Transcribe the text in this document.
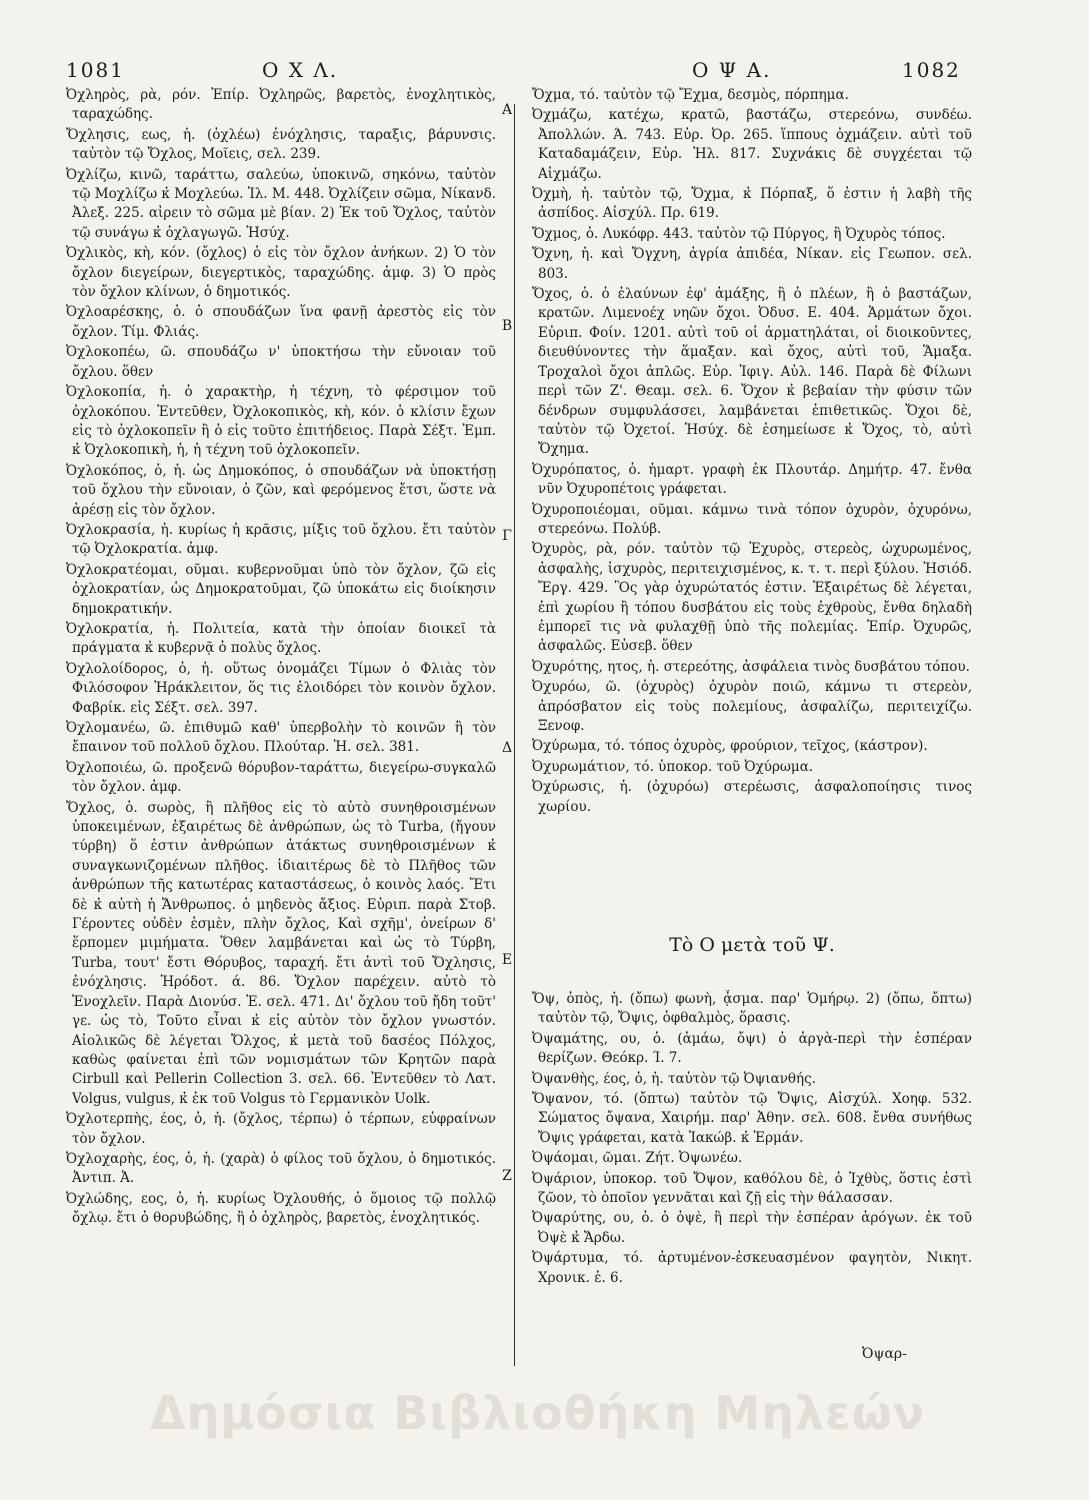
1081	Ο Χ Λ.	Ο Ψ Α.	1082

Ὀχληρὸς, ρὰ, ρόν. Ἐπίρ. Ὀχληρῶς, βαρετὸς, ἐνοχλητικὸς, ταραχώδης.

Ὄχλησις, εως, ἡ. (ὀχλέω) ἐνόχλησις, ταραξις, βάρυνσις. ταὐτὸν τῷ Ὄχλος, Μοῖεις, σελ. 239.

Ὀχλίζω, κινῶ, ταράττω, σαλεύω, ὑποκινῶ, σηκόνω, ταὐτὸν τῷ Μοχλίζω κ̓ Μοχλεύω. Ἰλ. Μ. 448. Ὀχλίζειν σῶμα, Νίκανδ. Ἀλεξ. 225. αἰρειν τὸ σῶμα μὲ βίαν. 2) Ἐκ τοῦ Ὄχλος, ταὐτὸν τῷ συνάγω κ̓ ὀχλαγωγῶ. Ἡσύχ.

Ὀχλικὸς, κὴ, κόν. (ὄχλος) ὁ εἰς τὸν ὄχλον ἀνήκων. 2) Ὁ τὸν ὄχλον διεγείρων, διεγερτικὸς, ταραχώδης. ἀμφ. 3) Ὁ πρὸς τὸν ὄχλον κλίνων, ὁ δημοτικός.

Ὀχλοαρέσκης, ὁ. ὁ σπουδάζων ἵνα φανῇ ἀρεστὸς εἰς τὸν ὄχλον. Τίμ. Φλιάς.

Ὀχλοκοπέω, ῶ. σπουδάζω ν' ὑποκτήσω τὴν εὔνοιαν τοῦ ὄχλου. ὅθεν

Ὀχλοκοπία, ἡ. ὁ χαρακτὴρ, ἡ τέχνη, τὸ φέρσιμον τοῦ ὀχλοκόπου. Ἐντεῦθεν, Ὀχλοκοπικὸς, κὴ, κόν. ὁ κλίσιν ἔχων εἰς τὸ ὀχλοκοπεῖν ἢ ὁ εἰς τοῦτο ἐπιτήδειος. Παρὰ Σέξτ. Ἐμπ. κ̓ Ὀχλοκοπικὴ, ἡ, ἡ τέχνη τοῦ ὀχλοκοπεῖν.

Ὀχλοκόπος, ὁ, ἡ. ὡς Δημοκόπος, ὁ σπουδάζων νὰ ὑποκτήσῃ τοῦ ὄχλου τὴν εὔνοιαν, ὁ ζῶν, καὶ φερόμενος ἔτσι, ὥστε νὰ ἀρέσῃ εἰς τὸν ὄχλον.

Ὀχλοκρασία, ἡ. κυρίως ἡ κρᾶσις, μίξις τοῦ ὄχλου. ἔτι ταὐτὸν τῷ Ὀχλοκρατία. ἀμφ.

Ὀχλοκρατέομαι, οῦμαι. κυβερνοῦμαι ὑπὸ τὸν ὄχλον, ζῶ εἰς ὀχλοκρατίαν, ὡς Δημοκρατοῦμαι, ζῶ ὑποκάτω εἰς διοίκησιν δημοκρατικήν.

Ὀχλοκρατία, ἡ. Πολιτεία, κατὰ τὴν ὁποίαν διοικεῖ τὰ πράγματα κ̓ κυβερνᾷ ὁ πολὺς ὄχλος.

Ὀχλολοίδορος, ὁ, ἡ. οὕτως ὀνομάζει Τίμων ὁ Φλιὰς τὸν Φιλόσοφον Ἡράκλειτον, ὅς τις ἐλοιδόρει τὸν κοινὸν ὄχλον. Φαβρίκ. εἰς Σέξτ. σελ. 397.

Ὀχλομανέω, ῶ. ἐπιθυμῶ καθ' ὑπερβολὴν τὸ κοινῶν ἢ τὸν ἔπαινον τοῦ πολλοῦ ὄχλου. Πλούταρ. Ἡ. σελ. 381.

Ὀχλοποιέω, ῶ. προξενῶ θόρυβον-ταράττω, διεγείρω-συγκαλῶ τὸν ὄχλον. ἀμφ.

Ὄχλος, ὁ. σωρὸς, ἢ πλῆθος εἰς τὸ αὐτὸ συνηθροισμένων ὑποκειμένων, ἐξαιρέτως δὲ ἀνθρώπων, ὡς τὸ Turba, (ἤγουν τύρβη) ὅ ἐστιν ἀνθρώπων ἀτάκτως συνηθροισμένων κ̓ συναγκωνιζομένων πλῆθος. ἰδιαιτέρως δὲ τὸ Πλῆθος τῶν ἀνθρώπων τῆς κατωτέρας καταστάσεως, ὁ κοινὸς λαός. Ἔτι δὲ κ̓ αὐτὴ ἡ Ἄνθρωπος. ὁ μηδενὸς ἄξιος. Εὐριπ. παρὰ Στοβ. Γέροντες οὐδὲν ἐσμὲν, πλὴν ὄχλος, Καὶ σχῆμ', ὀνείρων δ' ἕρπομεν μιμήματα. Ὅθεν λαμβάνεται καὶ ὡς τὸ Τύρβη, Turba, τουτ' ἔστι Θόρυβος, ταραχή. ἔτι ἀντὶ τοῦ Ὄχλησις, ἐνόχλησις. Ἡρόδοτ. ά. 86. Ὄχλον παρέχειν. αὐτὸ τὸ Ἐνοχλεῖν. Παρὰ Διονύσ. Ἐ. σελ. 471. Δι' ὄχλου τοῦ ἤδη τοῦτ' γε. ὡς τὸ, Τοῦτο εἶναι κ̓ εἰς αὐτὸν τὸν ὄχλον γνωστόν. Αἰολικῶς δὲ λέγεται Ὄλχος, κ̓ μετὰ τοῦ δασέος Πόλχος, καθὼς φαίνεται ἐπὶ τῶν νομισμάτων τῶν Κρητῶν παρὰ Cirbull καὶ Pellerin Collection 3. σελ. 66. Ἐντεῦθεν τὸ Λατ. Volgus, vulgus, κ̓ ἐκ τοῦ Volgus τὸ Γερμανικὸν Uolk.

Ὀχλοτερπὴς, έος, ὁ, ἡ. (ὄχλος, τέρπω) ὁ τέρπων, εὐφραίνων τὸν ὄχλον.

Ὀχλοχαρὴς, έος, ὁ, ἡ. (χαρὰ) ὁ φίλος τοῦ ὄχλου, ὁ δημοτικός. Ἀντιπ. Ἀ.

Ὀχλώδης, εος, ὁ, ἡ. κυρίως Ὀχλουθής, ὁ ὅμοιος τῷ πολλῷ ὄχλῳ. ἔτι ὁ θορυβώδης, ἢ ὁ ὀχληρὸς, βαρετὸς, ἐνοχλητικός.

Α
Β
Γ
Δ
Ε
Ζ

Ὄχμα, τό. ταὐτὸν τῷ Ἔχμα, δεσμὸς, πόρπημα.

Ὀχμάζω, κατέχω, κρατῶ, βαστάζω, στερεόνω, συνδέω. Ἀπολλών. Ά. 743. Εὐρ. Ὀρ. 265. ἵππους ὀχμάζειν. αὐτὶ τοῦ Καταδαμάζειν, Εὐρ. Ἠλ. 817. Συχνάκις δὲ συγχέεται τῷ Αἰχμάζω.

Ὀχμὴ, ἡ. ταὐτὸν τῷ, Ὄχμα, κ̓ Πόρπαξ, ὅ ἐστιν ἡ λαβὴ τῆς ἀσπίδος. Αἰσχύλ. Πρ. 619.

Ὄχμος, ὁ. Λυκόφρ. 443. ταὐτὸν τῷ Πύργος, ἢ Ὀχυρὸς τόπος.

Ὄχνη, ἡ. καὶ Ὄγχνη, ἀγρία ἀπιδέα, Νίκαν. εἰς Γεωπον. σελ. 803.

Ὄχος, ὁ. ὁ ἐλαύνων ἐφ' ἁμάξης, ἢ ὁ πλέων, ἢ ὁ βαστάζων, κρατῶν. Λιμενοέχ νηῶν ὄχοι. Ὀδυσ. Ε. 404. Ἁρμάτων ὄχοι. Εὐριπ. Φοίν. 1201. αὐτὶ τοῦ οἱ ἁρματηλάται, οἱ διοικοῦντες, διευθύνοντες τὴν ἅμαξαν. καὶ ὄχος, αὐτὶ τοῦ, Ἅμαξα. Τροχαλοὶ ὄχοι ἁπλῶς. Εὐρ. Ἰφιγ. Αὐλ. 146. Παρὰ δὲ Φίλωνι περὶ τῶν Ζ'. Θεαμ. σελ. 6. Ὄχον κ̓ βεβαίαν τὴν φύσιν τῶν δένδρων συμφυλάσσει, λαμβάνεται ἐπιθετικῶς. Ὄχοι δὲ, ταὐτὸν τῷ Ὀχετοί. Ἡσύχ. δὲ ἐσημείωσε κ̓ Ὄχος, τὸ, αὐτὶ Ὄχημα.

Ὀχυρόπατος, ὁ. ἡμαρτ. γραφὴ ἐκ Πλουτάρ. Δημήτρ. 47. ἔνθα νῦν Ὀχυροπέτοις γράφεται.

Ὀχυροποιέομαι, οῦμαι. κάμνω τινὰ τόπον ὀχυρὸν, ὀχυρόνω, στερεόνω. Πολύβ.

Ὀχυρὸς, ρὰ, ρόν. ταὐτὸν τῷ Ἐχυρὸς, στερεὸς, ὠχυρωμένος, ἀσφαλὴς, ἰσχυρὸς, περιτειχισμένος, κ. τ. τ. περὶ ξύλου. Ἡσιόδ. Ἔργ. 429. Ὃς γὰρ ὀχυρώτατός ἐστιν. Ἐξαιρέτως δὲ λέγεται, ἐπὶ χωρίου ἢ τόπου δυσβάτου εἰς τοὺς ἐχθροὺς, ἔνθα δηλαδὴ ἐμπορεῖ τις νὰ φυλαχθῇ ὑπὸ τῆς πολεμίας. Ἐπίρ. Ὀχυρῶς, ἀσφαλῶς. Εὐσεβ. ὅθεν

Ὀχυρότης, ητος, ἡ. στερεότης, ἀσφάλεια τινὸς δυσβάτου τόπου.

Ὀχυρόω, ῶ. (ὀχυρὸς) ὀχυρὸν ποιῶ, κάμνω τι στερεὸν, ἀπρόσβατον εἰς τοὺς πολεμίους, ἀσφαλίζω, περιτειχίζω. Ξενοφ.

Ὀχύρωμα, τό. τόπος ὀχυρὸς, φρούριον, τεῖχος, (κάστρον).

Ὀχυρωμάτιον, τό. ὑποκορ. τοῦ Ὀχύρωμα.

Ὀχύρωσις, ἡ. (ὀχυρόω) στερέωσις, ἀσφαλοποίησις τινος χωρίου.

Τὸ Ο μετὰ τοῦ Ψ.

Ὄψ, ὀπὸς, ἡ. (ὄπω) φωνὴ, ᾆσμα. παρ' Ὁμήρῳ. 2) (ὄπω, ὄπτω) ταὐτὸν τῷ, Ὄψις, ὀφθαλμὸς, ὅρασις.

Ὀψαμάτης, ου, ὁ. (ἀμάω, ὄψι) ὁ ἀργὰ-περὶ τὴν ἑσπέραν θερίζων. Θεόκρ. Ί. 7.

Ὀψανθὴς, έος, ὁ, ἡ. ταὐτὸν τῷ Ὀψιανθής.

Ὄψανον, τό. (ὄπτω) ταὐτὸν τῷ Ὄψις, Αἰσχύλ. Χοηφ. 532. Σώματος ὄψανα, Χαιρήμ. παρ' Ἀθην. σελ. 608. ἔνθα συνήθως Ὄψις γράφεται, κατὰ Ἰακώβ. κ̓ Ἐρμάν.

Ὀψάομαι, ῶμαι. Ζήτ. Ὀψωνέω.

Ὀψάριον, ὑποκορ. τοῦ Ὄψον, καθόλου δὲ, ὁ Ἰχθὺς, ὅστις ἐστὶ ζῶον, τὸ ὁποῖον γεννᾶται καὶ ζῇ εἰς τὴν θάλασσαν.

Ὀψαρύτης, ου, ὁ. ὁ ὀψὲ, ἢ περὶ τὴν ἑσπέραν ἀρόγων. ἐκ τοῦ Ὀψὲ κ̓ Ἄρδω.

Ὀψάρτυμα, τό. ἀρτυμένον-ἐσκευασμένον φαγητὸν, Νικητ. Χρονικ. ἑ. 6.

Ὀψαρ-
Δημόσια Βιβλιοθήκη Μηλεών
